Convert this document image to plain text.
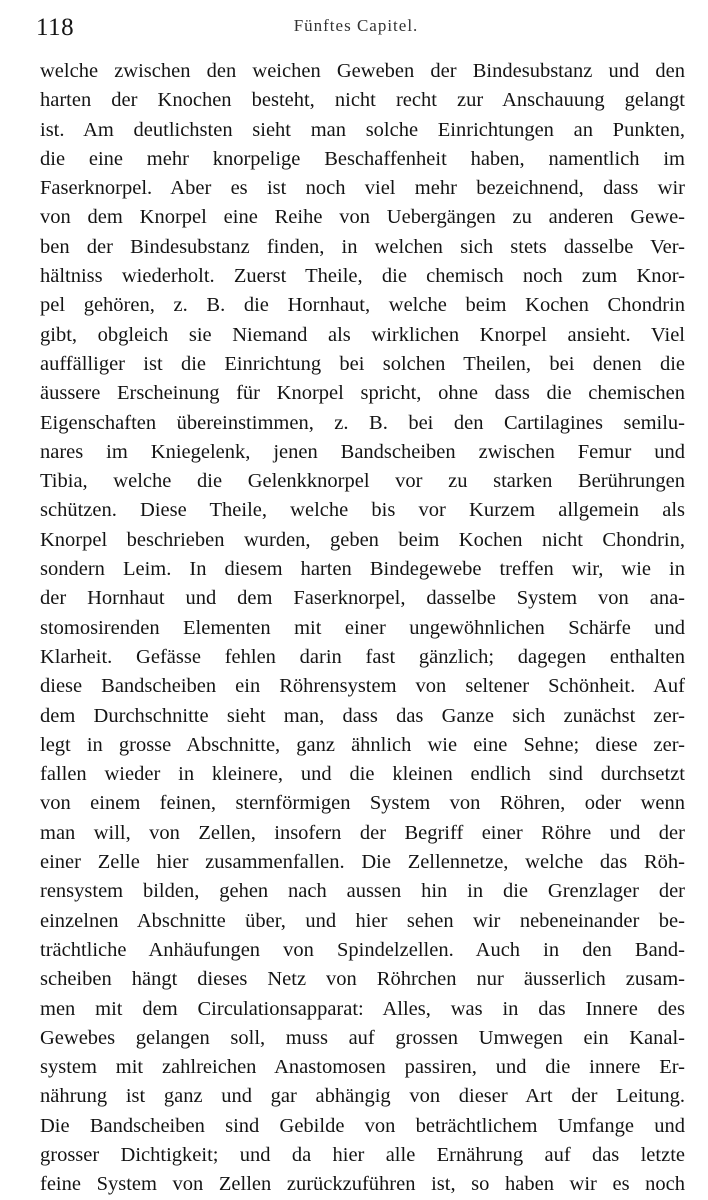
118	Fünftes Capitel.
welche zwischen den weichen Geweben der Bindesubstanz und den
harten der Knochen besteht, nicht recht zur Anschauung gelangt
ist. Am deutlichsten sieht man solche Einrichtungen an Punkten,
die eine mehr knorpelige Beschaffenheit haben, namentlich im
Faserknorpel. Aber es ist noch viel mehr bezeichnend, dass wir
von dem Knorpel eine Reihe von Uebergängen zu anderen Gewe-
ben der Bindesubstanz finden, in welchen sich stets dasselbe Ver-
hältniss wiederholt. Zuerst Theile, die chemisch noch zum Knor-
pel gehören, z. B. die Hornhaut, welche beim Kochen Chondrin
gibt, obgleich sie Niemand als wirklichen Knorpel ansieht. Viel
auffälliger ist die Einrichtung bei solchen Theilen, bei denen die
äussere Erscheinung für Knorpel spricht, ohne dass die chemischen
Eigenschaften übereinstimmen, z. B. bei den Cartilagines semilu-
nares im Kniegelenk, jenen Bandscheiben zwischen Femur und
Tibia, welche die Gelenkknorpel vor zu starken Berührungen
schützen. Diese Theile, welche bis vor Kurzem allgemein als
Knorpel beschrieben wurden, geben beim Kochen nicht Chondrin,
sondern Leim. In diesem harten Bindegewebe treffen wir, wie in
der Hornhaut und dem Faserknorpel, dasselbe System von ana-
stomosirenden Elementen mit einer ungewöhnlichen Schärfe und
Klarheit. Gefässe fehlen darin fast gänzlich; dagegen enthalten
diese Bandscheiben ein Röhrensystem von seltener Schönheit. Auf
dem Durchschnitte sieht man, dass das Ganze sich zunächst zer-
legt in grosse Abschnitte, ganz ähnlich wie eine Sehne; diese zer-
fallen wieder in kleinere, und die kleinen endlich sind durchsetzt
von einem feinen, sternförmigen System von Röhren, oder wenn
man will, von Zellen, insofern der Begriff einer Röhre und der
einer Zelle hier zusammenfallen. Die Zellennetze, welche das Röh-
rensystem bilden, gehen nach aussen hin in die Grenzlager der
einzelnen Abschnitte über, und hier sehen wir nebeneinander be-
trächtliche Anhäufungen von Spindelzellen. Auch in den Band-
scheiben hängt dieses Netz von Röhrchen nur äusserlich zusam-
men mit dem Circulationsapparat: Alles, was in das Innere des
Gewebes gelangen soll, muss auf grossen Umwegen ein Kanal-
system mit zahlreichen Anastomosen passiren, und die innere Er-
nährung ist ganz und gar abhängig von dieser Art der Leitung.
Die Bandscheiben sind Gebilde von beträchtlichem Umfange und
grosser Dichtigkeit; und da hier alle Ernährung auf das letzte
feine System von Zellen zurückzuführen ist, so haben wir es noch
